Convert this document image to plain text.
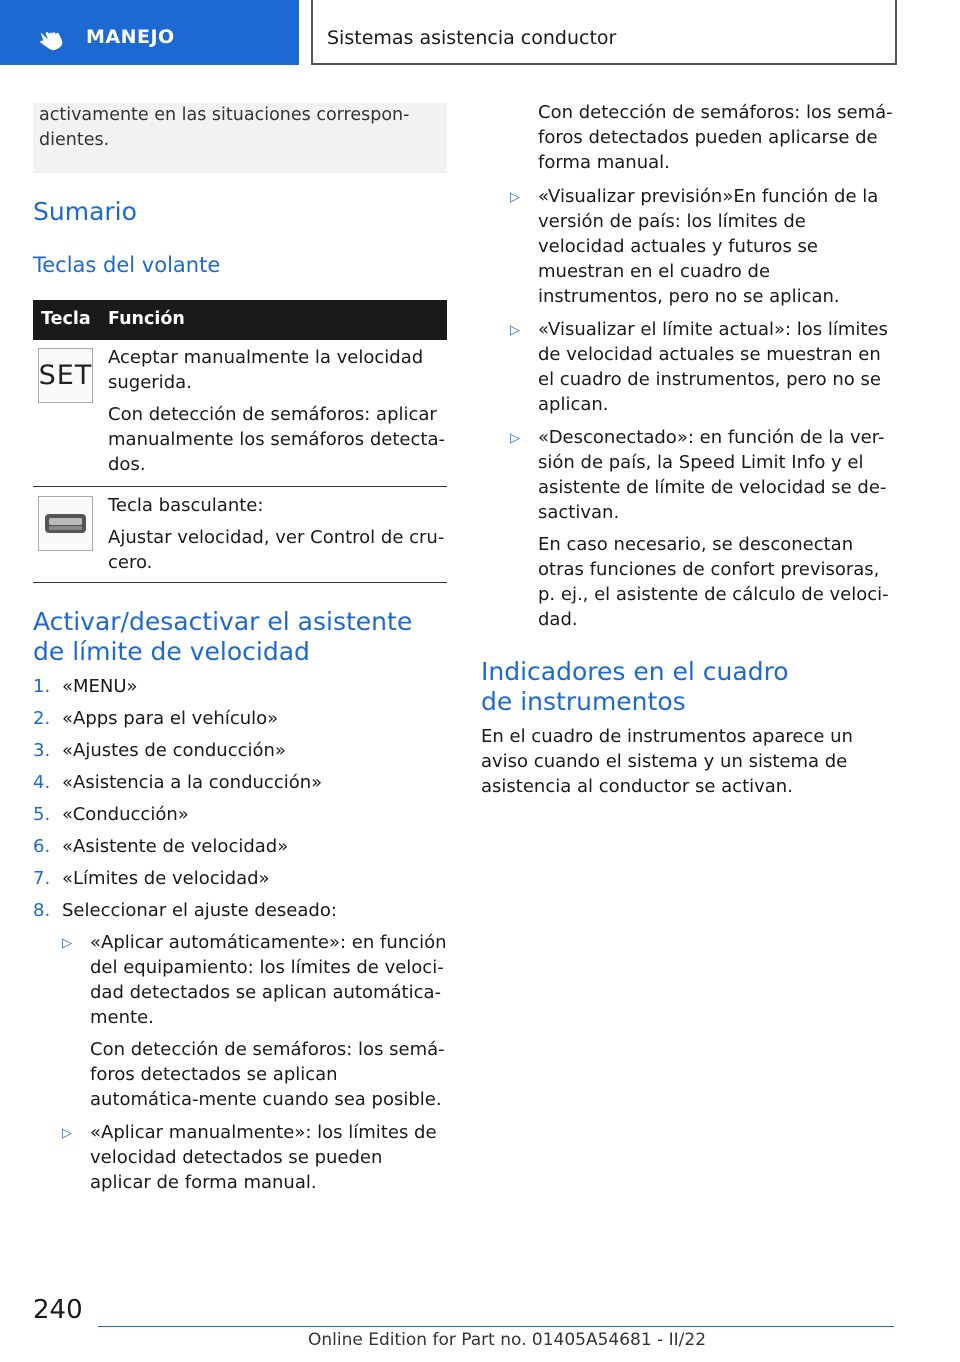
MANEJO	Sistemas asistencia conductor
activamente en las situaciones correspon-
dientes.
Sumario
Teclas del volante
Tecla Función
SET
Aceptar manualmente la velocidad sugerida.
Con detección de semáforos: aplicar manualmente los semáforos detecta-dos.
Tecla basculante:
Ajustar velocidad, ver Control de cru-cero.
Activar/desactivar el asistente de límite de velocidad
1. «MENU»
2. «Apps para el vehículo»
3. «Ajustes de conducción»
4. «Asistencia a la conducción»
5. «Conducción»
6. «Asistente de velocidad»
7. «Límites de velocidad»
8. Seleccionar el ajuste deseado:
▷ «Aplicar automáticamente»: en función del equipamiento: los límites de veloci-dad detectados se aplican automática-mente.
Con detección de semáforos: los semá-foros detectados se aplican automática-mente cuando sea posible.
▷ «Aplicar manualmente»: los límites de velocidad detectados se pueden aplicar de forma manual.
Con detección de semáforos: los semá-foros detectados pueden aplicarse de forma manual.
▷ «Visualizar previsión»En función de la versión de país: los límites de velocidad actuales y futuros se muestran en el cuadro de instrumentos, pero no se aplican.
▷ «Visualizar el límite actual»: los límites de velocidad actuales se muestran en el cuadro de instrumentos, pero no se aplican.
▷ «Desconectado»: en función de la ver-sión de país, la Speed Limit Info y el asistente de límite de velocidad se de-sactivan.
En caso necesario, se desconectan otras funciones de confort previsoras, p. ej., el asistente de cálculo de veloci-dad.
Indicadores en el cuadro de instrumentos
En el cuadro de instrumentos aparece un aviso cuando el sistema y un sistema de asistencia al conductor se activan.
240
Online Edition for Part no. 01405A54681 - II/22
